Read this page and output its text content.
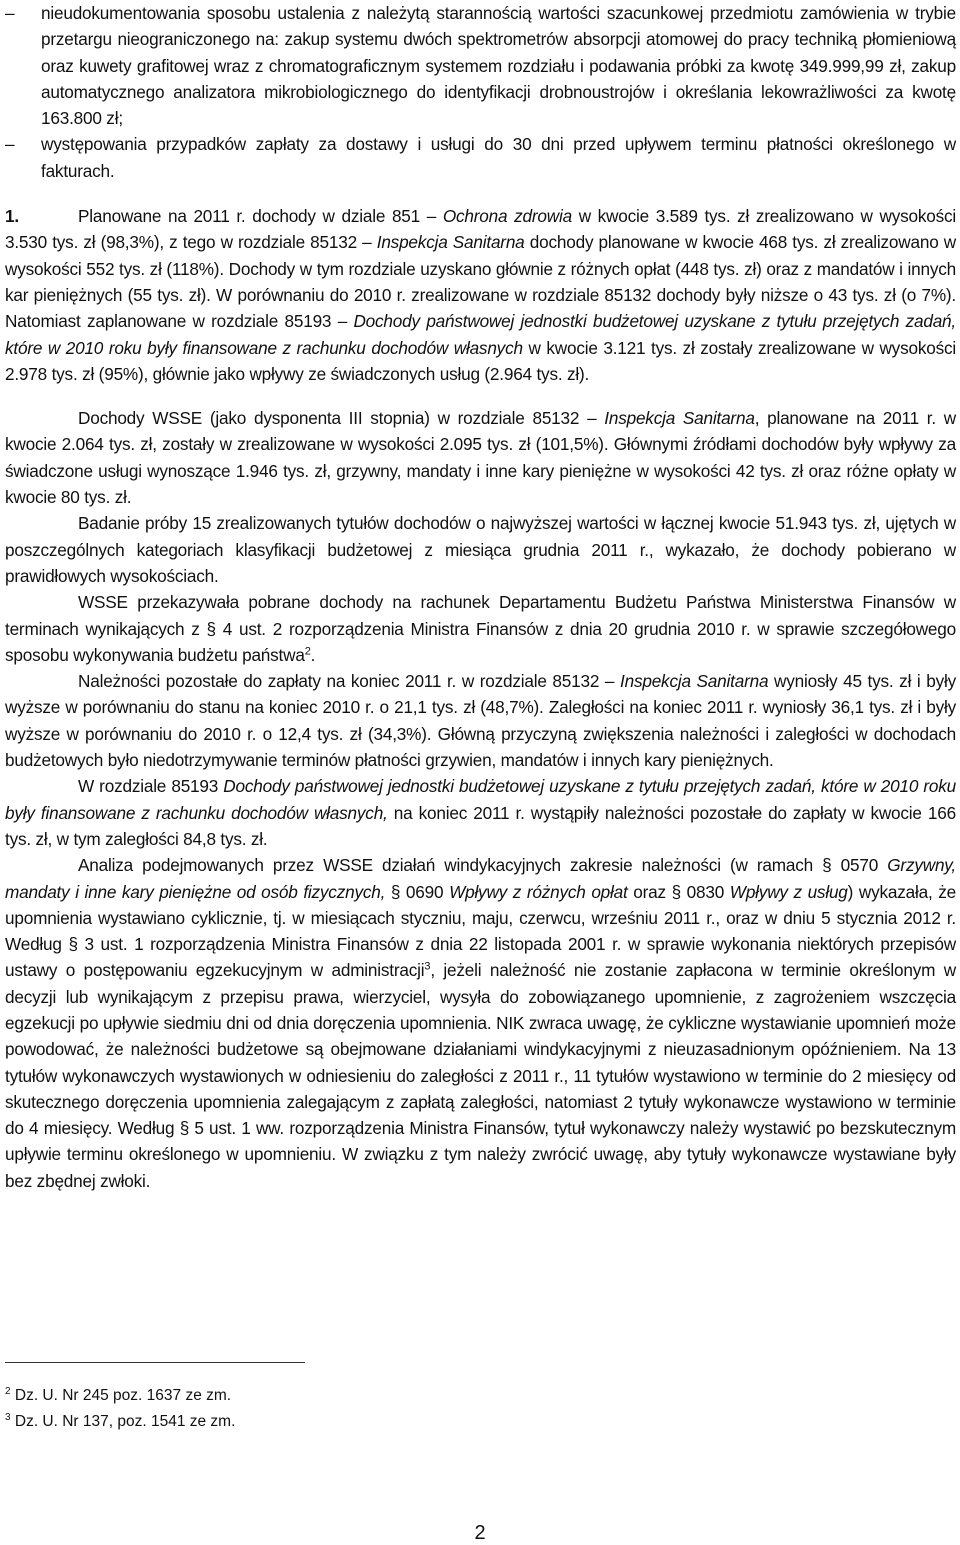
– nieudokumentowania sposobu ustalenia z należytą starannością wartości szacunkowej przedmiotu zamówienia w trybie przetargu nieograniczonego na: zakup systemu dwóch spektrometrów absorpcji atomowej do pracy techniką płomieniową oraz kuwety grafitowej wraz z chromatograficznym systemem rozdziału i podawania próbki za kwotę 349.999,99 zł, zakup automatycznego analizatora mikrobiologicznego do identyfikacji drobnoustrojów i określania lekowrażliwości za kwotę 163.800 zł;
– występowania przypadków zapłaty za dostawy i usługi do 30 dni przed upływem terminu płatności określonego w fakturach.

1.	Planowane na 2011 r. dochody w dziale 851 – Ochrona zdrowia w kwocie 3.589 tys. zł zrealizowano w wysokości 3.530 tys. zł (98,3%), z tego w rozdziale 85132 – Inspekcja Sanitarna dochody planowane w kwocie 468 tys. zł zrealizowano w wysokości 552 tys. zł (118%). Dochody w tym rozdziale uzyskano głównie z różnych opłat (448 tys. zł) oraz z mandatów i innych kar pieniężnych (55 tys. zł). W porównaniu do 2010 r. zrealizowane w rozdziale 85132 dochody były niższe o 43 tys. zł (o 7%). Natomiast zaplanowane w rozdziale 85193 – Dochody państwowej jednostki budżetowej uzyskane z tytułu przejętych zadań, które w 2010 roku były finansowane z rachunku dochodów własnych w kwocie 3.121 tys. zł zostały zrealizowane w wysokości 2.978 tys. zł (95%), głównie jako wpływy ze świadczonych usług (2.964 tys. zł).

Dochody WSSE (jako dysponenta III stopnia) w rozdziale 85132 – Inspekcja Sanitarna, planowane na 2011 r. w kwocie 2.064 tys. zł, zostały w zrealizowane w wysokości 2.095 tys. zł (101,5%). Głównymi źródłami dochodów były wpływy za świadczone usługi wynoszące 1.946 tys. zł, grzywny, mandaty i inne kary pieniężne w wysokości 42 tys. zł oraz różne opłaty w kwocie 80 tys. zł.

Badanie próby 15 zrealizowanych tytułów dochodów o najwyższej wartości w łącznej kwocie 51.943 tys. zł, ujętych w poszczególnych kategoriach klasyfikacji budżetowej z miesiąca grudnia 2011 r., wykazało, że dochody pobierano w prawidłowych wysokościach.

WSSE przekazywała pobrane dochody na rachunek Departamentu Budżetu Państwa Ministerstwa Finansów w terminach wynikających z § 4 ust. 2 rozporządzenia Ministra Finansów z dnia 20 grudnia 2010 r. w sprawie szczegółowego sposobu wykonywania budżetu państwa$^2$.

Należności pozostałe do zapłaty na koniec 2011 r. w rozdziale 85132 – Inspekcja Sanitarna wyniosły 45 tys. zł i były wyższe w porównaniu do stanu na koniec 2010 r. o 21,1 tys. zł (48,7%). Zaległości na koniec 2011 r. wyniosły 36,1 tys. zł i były wyższe w porównaniu do 2010 r. o 12,4 tys. zł (34,3%). Główną przyczyną zwiększenia należności i zaległości w dochodach budżetowych było niedotrzymywanie terminów płatności grzywien, mandatów i innych kary pieniężnych.

W rozdziale 85193 Dochody państwowej jednostki budżetowej uzyskane z tytułu przejętych zadań, które w 2010 roku były finansowane z rachunku dochodów własnych, na koniec 2011 r. wystąpiły należności pozostałe do zapłaty w kwocie 166 tys. zł, w tym zaległości 84,8 tys. zł.

Analiza podejmowanych przez WSSE działań windykacyjnych zakresie należności (w ramach § 0570 Grzywny, mandaty i inne kary pieniężne od osób fizycznych, § 0690 Wpływy z różnych opłat oraz § 0830 Wpływy z usług) wykazała, że upomnienia wystawiano cyklicznie, tj. w miesiącach styczniu, maju, czerwcu, wrześniu 2011 r., oraz w dniu 5 stycznia 2012 r. Według § 3 ust. 1 rozporządzenia Ministra Finansów z dnia 22 listopada 2001 r. w sprawie wykonania niektórych przepisów ustawy o postępowaniu egzekucyjnym w administracji$^3$, jeżeli należność nie zostanie zapłacona w terminie określonym w decyzji lub wynikającym z przepisu prawa, wierzyciel, wysyła do zobowiązanego upomnienie, z zagrożeniem wszczęcia egzekucji po upływie siedmiu dni od dnia doręczenia upomnienia. NIK zwraca uwagę, że cykliczne wystawianie upomnień może powodować, że należności budżetowe są obejmowane działaniami windykacyjnymi z nieuzasadnionym opóźnieniem. Na 13 tytułów wykonawczych wystawionych w odniesieniu do zaległości z 2011 r., 11 tytułów wystawiono w terminie do 2 miesięcy od skutecznego doręczenia upomnienia zalegającym z zapłatą zaległości, natomiast 2 tytuły wykonawcze wystawiono w terminie do 4 miesięcy. Według § 5 ust. 1 ww. rozporządzenia Ministra Finansów, tytuł wykonawczy należy wystawić po bezskutecznym upływie terminu określonego w upomnieniu. W związku z tym należy zwrócić uwagę, aby tytuły wykonawcze wystawiane były bez zbędnej zwłoki.

$^2$ Dz. U. Nr 245 poz. 1637 ze zm.

$^3$ Dz. U. Nr 137, poz. 1541 ze zm.

2
